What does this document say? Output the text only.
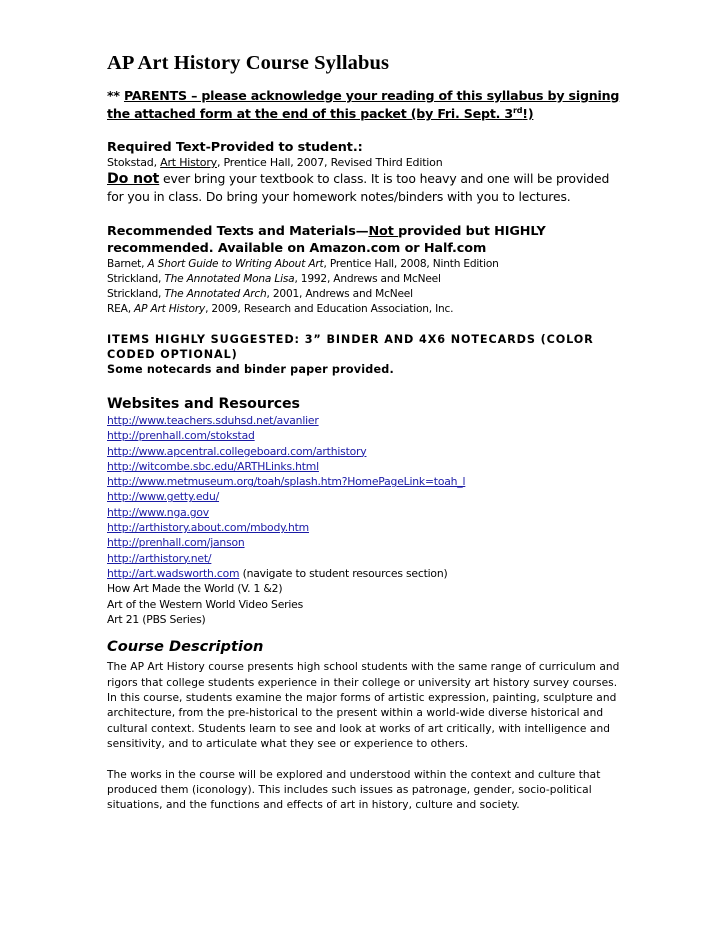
AP Art History Course Syllabus

** PARENTS – please acknowledge your reading of this syllabus by signing the attached form at the end of this packet (by Fri. Sept. 3rd!)

Required Text-Provided to student.:

Stokstad, Art History, Prentice Hall, 2007, Revised Third Edition

Do not ever bring your textbook to class. It is too heavy and one will be provided for you in class. Do bring your homework notes/binders with you to lectures.

Recommended Texts and Materials—Not provided but HIGHLY recommended. Available on Amazon.com or Half.com

Barnet, A Short Guide to Writing About Art, Prentice Hall, 2008, Ninth Edition

Strickland, The Annotated Mona Lisa, 1992, Andrews and McNeel

Strickland, The Annotated Arch, 2001, Andrews and McNeel

REA, AP Art History, 2009, Research and Education Association, Inc.

ITEMS HIGHLY SUGGESTED: 3” BINDER AND 4X6 NOTECARDS (COLOR CODED OPTIONAL)

Some notecards and binder paper provided.

Websites and Resources

http://www.teachers.sduhsd.net/avanlier
http://prenhall.com/stokstad
http://www.apcentral.collegeboard.com/arthistory
http://witcombe.sbc.edu/ARTHLinks.html
http://www.metmuseum.org/toah/splash.htm?HomePageLink=toah_l
http://www.getty.edu/
http://www.nga.gov
http://arthistory.about.com/mbody.htm
http://prenhall.com/janson
http://arthistory.net/
http://art.wadsworth.com (navigate to student resources section)
How Art Made the World (V. 1 &2)
Art of the Western World Video Series
Art 21 (PBS Series)

Course Description

The AP Art History course presents high school students with the same range of curriculum and rigors that college students experience in their college or university art history survey courses. In this course, students examine the major forms of artistic expression, painting, sculpture and architecture, from the pre-historical to the present within a world-wide diverse historical and cultural context. Students learn to see and look at works of art critically, with intelligence and sensitivity, and to articulate what they see or experience to others.

The works in the course will be explored and understood within the context and culture that produced them (iconology). This includes such issues as patronage, gender, socio-political situations, and the functions and effects of art in history, culture and society.
